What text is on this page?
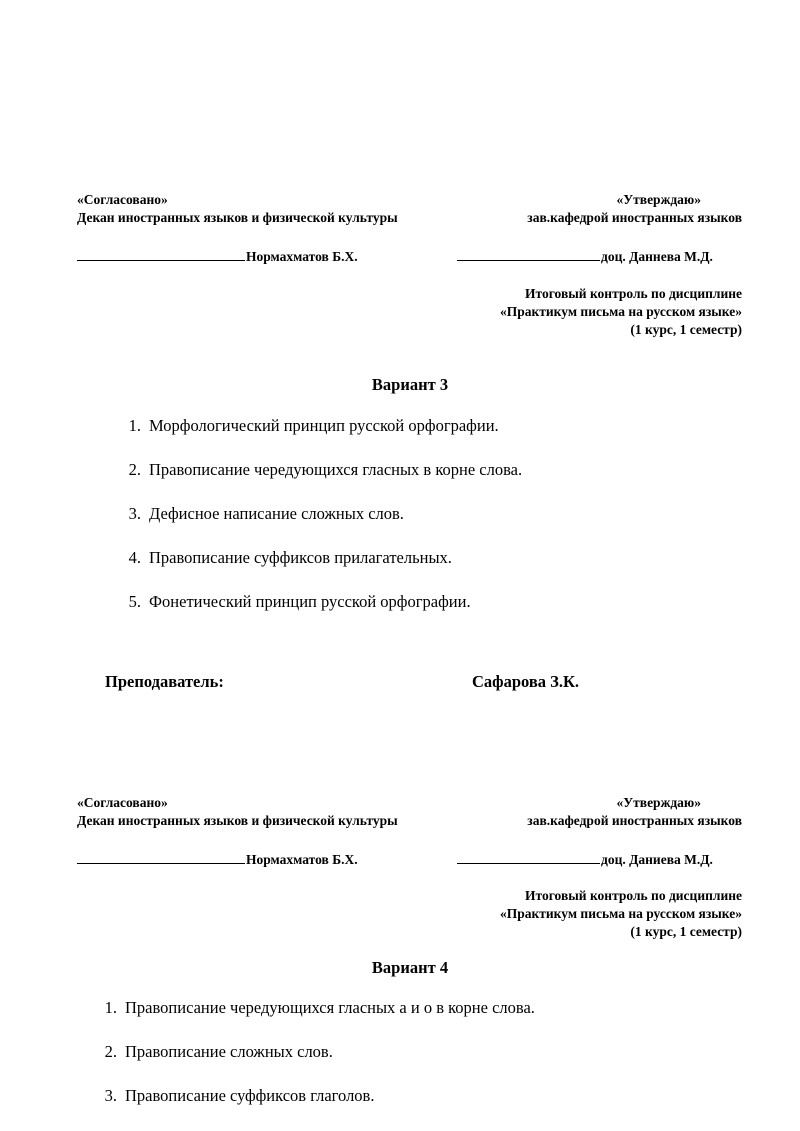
«Согласовано»	«Утверждаю»
Декан иностранных языков и физической культуры	зав.кафедрой иностранных языков
Нормахматов Б.Х.	доц. Даннева М.Д.
Итоговый контроль по дисциплине
«Практикум письма на русском языке»
(1 курс, 1 семестр)
Вариант 3
1. Морфологический принцип русской орфографии.
2. Правописание чередующихся гласных в корне слова.
3. Дефисное написание сложных слов.
4. Правописание суффиксов прилагательных.
5. Фонетический принцип русской орфографии.
Преподаватель:	Сафарова З.К.
«Согласовано»	«Утверждаю»
Декан иностранных языков и физической культуры	зав.кафедрой иностранных языков
Нормахматов Б.Х.	доц. Даниева М.Д.
Итоговый контроль по дисциплине
«Практикум письма на русском языке»
(1 курс, 1 семестр)
Вариант 4
1. Правописание чередующихся гласных а и о в корне слова.
2. Правописание сложных слов.
3. Правописание суффиксов глаголов.
